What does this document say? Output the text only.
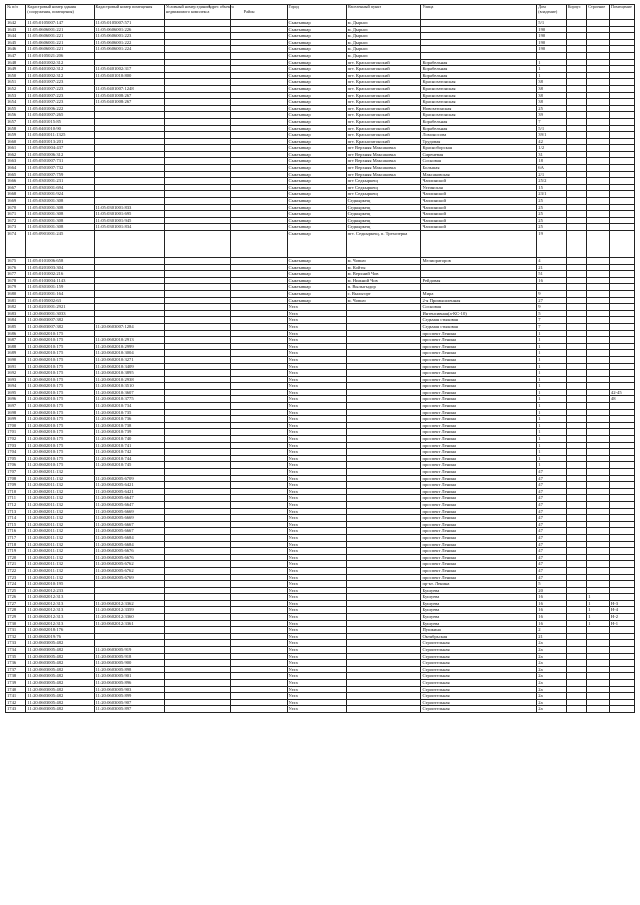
№ п/п	Кадастровый номер здания (сооружения, помещения)	Кадастровый номер помещения	Условный номер единого недвижимого комплекса	Адрес объекта
Район	Город	Населенный пункт	Улица	Дом (владение)	Корпус	Строение	Помещение
1642	11:05:0105007:147	11:05:0105007:571			Сыктывкар	м. Дырнос		5/1			
1643	11:05:0606001:221	11:05:0606001:226			Сыктывкар	м. Дырнос		190			
1644	11:05:0606001:221	11:05:0606001:223			Сыктывкар	м. Дырнос		190			
1645	11:05:0606001:221	11:05:0606001:222			Сыктывкар	м. Дырнос		190			
1646	11:05:0606001:221	11:05:0606001:224			Сыктывкар	м. Дырнос		190			
1647	11:05:0105021:206				Сыктывкар	м. Дырнос					
1648	11:05:0401002:312				Сыктывкар	пгт. Краснозатонский	Корабельная	1			
1649	11:05:0401002:312	11:05:0401002:317			Сыктывкар	пгт. Краснозатонский	Корабельная	1			
1650	11:05:0401002:312	11:05:0401010:800			Сыктывкар	пгт. Краснозатонский	Корабельная	1			
1651	11:05:0401007:223				Сыктывкар	пгт. Краснозатонский	Краснозатонская	38			
1652	11:05:0401007:223	11:05:0401007:1248			Сыктывкар	пгт. Краснозатонский	Краснозатонская	38			
1653	11:05:0401007:223	11:05:0401008:267			Сыктывкар	пгт. Краснозатонский	Краснозатонская	38			
1654	11:05:0401007:223	11:05:0401008:267			Сыктывкар	пгт. Краснозатонский	Краснозатонская	38			
1655	11:05:0401006:222				Сыктывкар	пгт. Краснозатонский	Новозатонская	25			
1656	11:05:0401007:265				Сыктывкар	пгт. Краснозатонский	Краснозатонская	39			
1657	11:05:0401015:85				Сыктывкар	пгт. Краснозатонский	Корабельная	7			
1658	11:05:0401010:90				Сыктывкар	пгт. Краснозатонский	Корабельная	5/1			
1659	11:05:0401011:1325				Сыктывкар	пгт. Краснозатонский	Ломоносова	39/1			
1660	11:05:0401013:201				Сыктывкар	пгт. Краснозатонский	Трудовая	42			
1661	11:05:0501004:437				Сыктывкар	пгт Верхняя Максаковка	Красноборская	1/2			
1662	11:05:0501006:312				Сыктывкар	пгт Верхняя Максаковка	Сиреневая	31			
1663	11:05:0501007:731				Сыктывкар	пгт Верхняя Максаковка	Сосновая	18			
1664	11:05:0501007:732				Сыктывкар	пгт Верхняя Максаковка	Большая	6А			
1665	11:05:0501007:759				Сыктывкар	пгт Верхняя Максаковка	Максаковская	2/1			
1666	11:05:0301001:231				Сыктывкар	пгт Седкыркещ	Чаплинской	25/2			
1667	11:05:0301001:694				Сыктывкар	пгт Седкыркещ	Ухтинская	15			
1668	11:05:0301001:924				Сыктывкар	пгт Седкыркещ	Чаплинской	23/1			
1669	11:05:0301001:308				Сыктывкар	Седкыркещ	Чаплинской	25			
1670	11:05:0301001:308	11:05:0301001:833			Сыктывкар	Седкыркещ	Чаплинской	25			
1671	11:05:0301001:308	11:05:0301001:695			Сыктывкар	Седкыркещ	Чаплинской	25			
1672	11:05:0301001:308	11:05:0301001:945			Сыктывкар	Седкыркещ	Чаплинской	25			
1673	11:05:0301001:308	11:05:0301001:834			Сыктывкар	Седкыркещ	Чаплинской	25			
1674	11:05:0901001:245				Сыктывкар	пгт. Седкыркещ, п. Трехозерка		19			
1675	11:05:0101006:658				Сыктывкар	м. Човью	Мелиораторов	4			
1676	11:05:0201003:304				Сыктывкар	м. Койты		21			
1677	11:05:0101002:216				Сыктывкар	м. Верхний Чов		51			
1678	11:05:0103004:1143				Сыктывкар	м. Нижний Чов	Рейдовая	16			
1679	11:05:0301001:159				Сыктывкар	п. Вылыгыдор					
1680	11:05:0201001:164				Сыктывкар	с. Выльгорт	Мира	9			
1681	11:05:0105002:63				Сыктывкар	м. Човью	2-я Промышленная	27			
1682	11:20:0201001:2921				Ухта		Сосновая	9			
1683	11:20:0603001:3033				Ухта		Интенсивная(а-КС-10)	5			
1684	11:20:0603007:382				Ухта		Седьмая стыковая	7			
1685	11:20:0603007:382	11:20:0603007:1284			Ухта		Седьмая стыковая	7			
1686	11:20:0602010:175				Ухта		проспект Ленина	1			
1687	11:20:0602010:175	11:20:0602010:2913			Ухта		проспект Ленина	1			
1688	11:20:0602010:175	11:20:0602010:2999			Ухта		проспект Ленина	1			
1689	11:20:0602010:175	11:20:0602010:3004			Ухта		проспект Ленина	1			
1690	11:20:0602010:175	11:20:0602010:3271			Ухта		проспект Ленина	1			
1691	11:20:0602010:175	11:20:0602010:3409			Ухта		проспект Ленина	1			
1692	11:20:0602010:175	11:20:0602010:3895			Ухта		проспект Ленина	1			
1693	11:20:0602010:175	11:20:0602010:2938			Ухта		проспект Ленина	1			
1694	11:20:0602010:175	11:20:0602010:3510			Ухта		проспект Ленина	1			
1695	11:20:0602010:175	11:20:0602010:3607			Ухта		проспект Ленина	1			42-45
1696	11:20:0602010:175	11:20:0602010:3775			Ухта		проспект Ленина	1			48
1697	11:20:0602010:175	11:20:0602010:734			Ухта		проспект Ленина	1			
1698	11:20:0602010:175	11:20:0602010:735			Ухта		проспект Ленина	1			
1699	11:20:0602010:175	11:20:0602010:736			Ухта		проспект Ленина	1			
1700	11:20:0602010:175	11:20:0602010:738			Ухта		проспект Ленина	1			
1701	11:20:0602010:175	11:20:0602010:739			Ухта		проспект Ленина	1			
1702	11:20:0602010:175	11:20:0602010:740			Ухта		проспект Ленина	1			
1703	11:20:0602010:175	11:20:0602010:741			Ухта		проспект Ленина	1			
1704	11:20:0602010:175	11:20:0602010:742			Ухта		проспект Ленина	1			
1705	11:20:0602010:175	11:20:0602010:744			Ухта		проспект Ленина	1			
1706	11:20:0602010:175	11:20:0602010:745			Ухта		проспект Ленина	1			
1707	11:20:0602011:132				Ухта		проспект Ленина	47			
1708	11:20:0602011:132	11:20:0602005:6709			Ухта		проспект Ленина	47			
1709	11:20:0602011:132	11:20:0602005:6421			Ухта		проспект Ленина	47			
1710	11:20:0602011:132	11:20:0602005:6421			Ухта		проспект Ленина	47			
1711	11:20:0602011:132	11:20:0602005:6647			Ухта		проспект Ленина	47			
1712	11:20:0602011:132	11:20:0602005:6647			Ухта		проспект Ленина	47			
1713	11:20:0602011:132	11:20:0602005:6669			Ухта		проспект Ленина	47			
1714	11:20:0602011:132	11:20:0602005:6669			Ухта		проспект Ленина	47			
1715	11:20:0602011:132	11:20:0602005:6667			Ухта		проспект Ленина	47			
1716	11:20:0602011:132	11:20:0602005:6667			Ухта		проспект Ленина	47			
1717	11:20:0602011:132	11:20:0602005:6684			Ухта		проспект Ленина	47			
1718	11:20:0602011:132	11:20:0602005:6684			Ухта		проспект Ленина	47			
1719	11:20:0602011:132	11:20:0602005:6676			Ухта		проспект Ленина	47			
1720	11:20:0602011:132	11:20:0602005:6676			Ухта		проспект Ленина	47			
1721	11:20:0602011:132	11:20:0602005:6762			Ухта		проспект Ленина	47			
1722	11:20:0602011:132	11:20:0602005:6762			Ухта		проспект Ленина	47			
1723	11:20:0602011:132	11:20:0602005:6769			Ухта		проспект Ленина	47			
1724	11:20:0602010:195				Ухта		пр-кт. Ленина	5			
1725	11:20:0602012:233				Ухта		Бушуева	20			
1726	11:20:0602012:313				Ухта		Бушуева	16		1	
1727	11:20:0602012:313	11:20:0602012:3362			Ухта		Бушуева	16		1	Н-3
1728	11:20:0602012:313	11:20:0602012:3359			Ухта		Бушуева	16		1	Н-4
1729	11:20:0602012:313	11:20:0602012:3360			Ухта		Бушуева	16		1	Н-2
1730	11:20:0602012:313	11:20:0602012:3361			Ухта		Бушуева	16		1	Н-1
1731	11:20:0602018:176				Ухта		Пушкина	2			
1732	11:20:0602019:76				Ухта		Октябрьская	21			
1733	11:20:0603005:482				Ухта		Строительная	2а			
1734	11:20:0603005:482	11:20:0603005:919			Ухта		Строительная	2а			
1735	11:20:0603005:482	11:20:0603005:918			Ухта		Строительная	2а			
1736	11:20:0603005:482	11:20:0603005:900			Ухта		Строительная	2а			
1737	11:20:0603005:482	11:20:0603005:898			Ухта		Строительная	2а			
1738	11:20:0603005:482	11:20:0603005:901			Ухта		Строительная	2а			
1739	11:20:0603005:482	11:20:0603005:896			Ухта		Строительная	2а			
1740	11:20:0603005:482	11:20:0603005:903			Ухта		Строительная	2а			
1741	11:20:0603005:482	11:20:0603005:899			Ухта		Строительная	2а			
1742	11:20:0603005:482	11:20:0603005:907			Ухта		Строительная	2а			
1743	11:20:0603005:482	11:20:0603005:897			Ухта		Строительная	2а			
